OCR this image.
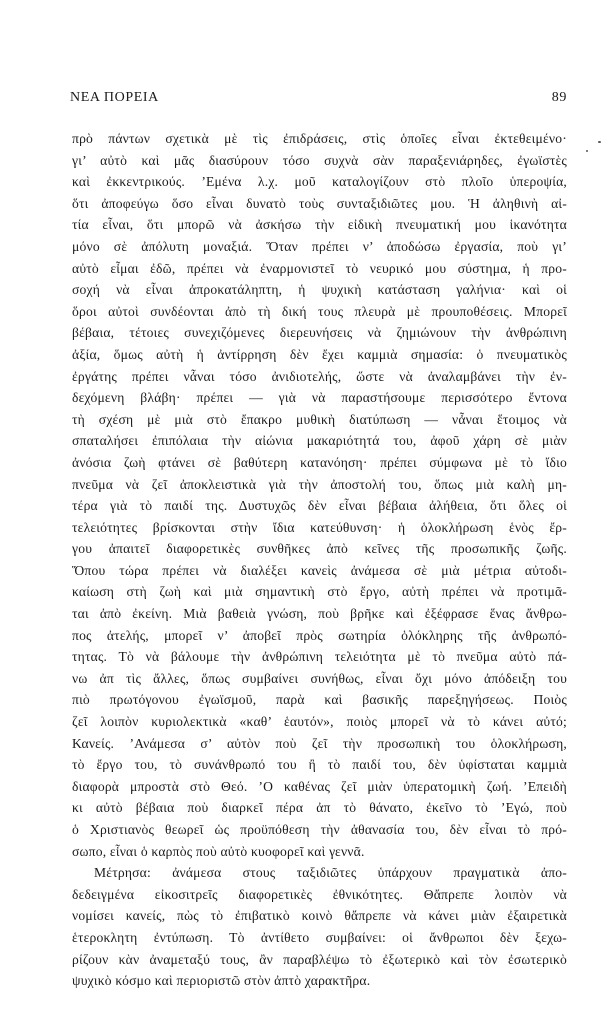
ΝΕΑ ΠΟΡΕΙΑ	89
πρὸ πάντων σχετικὰ μὲ τὶς ἐπιδράσεις, στὶς ὁποῖες εἶναι ἐκτεθειμένο·
γι’ αὐτὸ καὶ μᾶς διασύρουν τόσο συχνὰ σὰν παραξενιάρηδες, ἐγωϊστὲς
καὶ ἐκκεντρικούς. ’Εμένα λ.χ. μοῦ καταλογίζουν στὸ πλοῖο ὑπεροψία,
ὅτι ἀποφεύγω ὅσο εἶναι δυνατὸ τοὺς συνταξιδιῶτες μου. Ἡ ἀληθινὴ αἰ-
τία εἶναι, ὅτι μπορῶ νὰ ἀσκήσω τὴν εἰδικὴ πνευματική μου ἱκανότητα
μόνο σὲ ἀπόλυτη μοναξιά. Ὅταν πρέπει ν’ ἀποδώσω ἐργασία, ποὺ γι’
αὐτὸ εἶμαι ἐδῶ, πρέπει νὰ ἐναρμονιστεῖ τὸ νευρικό μου σύστημα, ἡ προ-
σοχή νὰ εἶναι ἀπροκατάληπτη, ἡ ψυχικὴ κατάσταση γαλήνια· καὶ οἱ
ὅροι αὐτοὶ συνδέονται ἀπὸ τὴ δική τους πλευρὰ μὲ προυποθέσεις. Μπορεῖ
βέβαια, τέτοιες συνεχιζόμενες διερευνήσεις νὰ ζημιώνουν τὴν ἀνθρώπινη
ἀξία, ὅμως αὐτὴ ἡ ἀντίρρηση δὲν ἔχει καμμιὰ σημασία: ὁ πνευματικὸς
ἐργάτης πρέπει νἆναι τόσο ἀνιδιοτελής, ὥστε νὰ ἀναλαμβάνει τὴν ἐν-
δεχόμενη βλάβη· πρέπει — γιὰ νὰ παραστήσουμε περισσότερο ἔντονα
τὴ σχέση μὲ μιὰ στὸ ἔπακρο μυθικὴ διατύπωση — νἆναι ἕτοιμος νὰ
σπαταλήσει ἐπιπόλαια τὴν αἰώνια μακαριότητά του, ἀφοῦ χάρη σὲ μιὰν
ἀνόσια ζωὴ φτάνει σὲ βαθύτερη κατανόηση· πρέπει σύμφωνα μὲ τὸ ἴδιο
πνεῦμα νὰ ζεῖ ἀποκλειστικὰ γιὰ τὴν ἀποστολή του, ὅπως μιὰ καλὴ μη-
τέρα γιὰ τὸ παιδί της. Δυστυχῶς δὲν εἶναι βέβαια ἀλήθεια, ὅτι ὅλες οἱ
τελειότητες βρίσκονται στὴν ἴδια κατεύθυνση· ἡ ὁλοκλήρωση ἑνὸς ἔρ-
γου ἀπαιτεῖ διαφορετικὲς συνθῆκες ἀπὸ κεῖνες τῆς προσωπικῆς ζωῆς.
Ὅπου τώρα πρέπει νὰ διαλέξει κανεὶς ἀνάμεσα σὲ μιὰ μέτρια αὐτοδι-
καίωση στὴ ζωὴ καὶ μιὰ σημαντικὴ στὸ ἔργο, αὐτὴ πρέπει νὰ προτιμᾶ-
ται ἀπὸ ἐκείνη. Μιὰ βαθειὰ γνώση, ποὺ βρῆκε καὶ ἐξέφρασε ἕνας ἄνθρω-
πος ἀτελής, μπορεῖ ν’ ἀποβεῖ πρὸς σωτηρία ὁλόκληρης τῆς ἀνθρωπό-
τητας. Τὸ νὰ βάλουμε τὴν ἀνθρώπινη τελειότητα μὲ τὸ πνεῦμα αὐτὸ πά-
νω ἀπ τὶς ἄλλες, ὅπως συμβαίνει συνήθως, εἶναι ὄχι μόνο ἀπόδειξη του
πιὸ πρωτόγονου ἐγωϊσμοῦ, παρὰ καὶ βασικῆς παρεξηγήσεως. Ποιὸς
ζεῖ λοιπὸν κυριολεκτικὰ «καθ’ ἑαυτόν», ποιὸς μπορεῖ νὰ τὸ κάνει αὐτό;
Κανείς. ’Ανάμεσα σ’ αὐτὸν ποὺ ζεῖ τὴν προσωπικὴ του ὁλοκλήρωση,
τὸ ἔργο του, τὸ συνάνθρωπό του ἢ τὸ παιδί του, δὲν ὑφίσταται καμμιὰ
διαφορὰ μπροστὰ στὸ Θεό. ’Ο καθένας ζεῖ μιὰν ὑπερατομικὴ ζωή. ’Επειδὴ
κι αὐτὸ βέβαια ποὺ διαρκεῖ πέρα ἀπ τὸ θάνατο, ἐκεῖνο τὸ ’Εγώ, ποὺ
ὁ Χριστιανὸς θεωρεῖ ὡς προϋπόθεση τὴν ἀθανασία του, δὲν εἶναι τὸ πρό-
σωπο, εἶναι ὁ καρπὸς ποὺ αὐτὸ κυοφορεῖ καὶ γεννᾶ.
Μέτρησα: ἀνάμεσα στους ταξιδιῶτες ὑπάρχουν πραγματικὰ ἀπο-
δεδειγμένα εἰκοσιτρεῖς διαφορετικὲς ἐθνικότητες. Θἄπρεπε λοιπὸν νὰ
νομίσει κανείς, πὼς τὸ ἐπιβατικὸ κοινὸ θἄπρεπε νὰ κάνει μιὰν ἐξαιρετικὰ
ἑτεροκλητη ἐντύπωση. Τὸ ἀντίθετο συμβαίνει: οἱ ἄνθρωποι δὲν ξεχω-
ρίζουν κὰν ἀναμεταξύ τους, ἂν παραβλέψω τὸ ἐξωτερικὸ καὶ τὸν ἐσωτερικὸ
ψυχικὸ κόσμο καὶ περιοριστῶ στὸν ἀπτὸ χαρακτῆρα.
